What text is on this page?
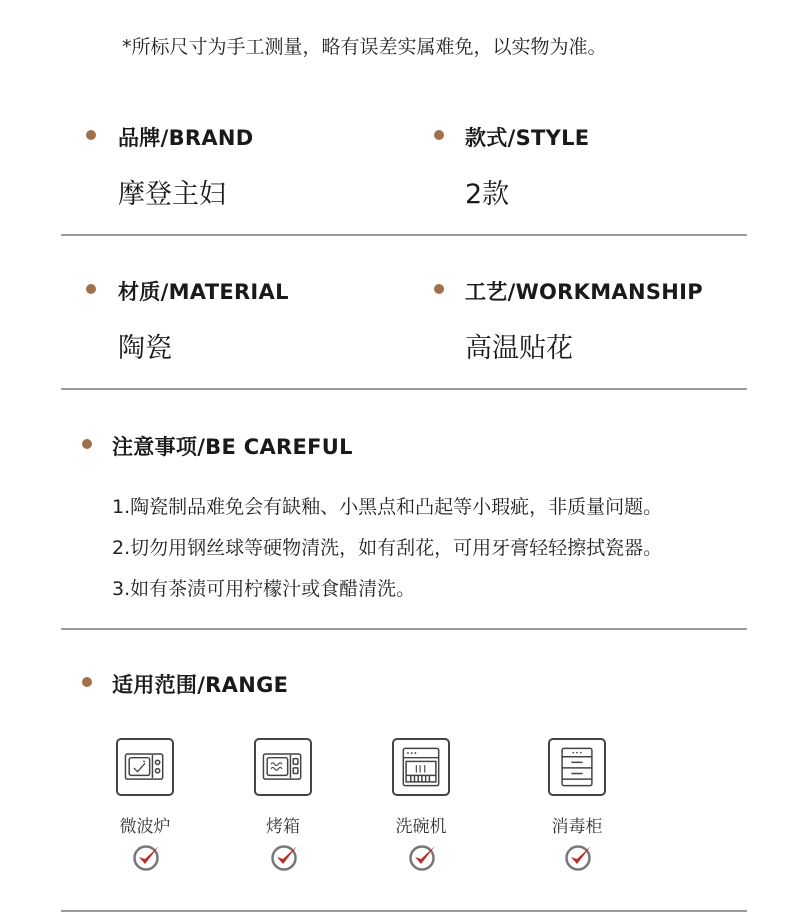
*所标尺寸为手工测量，略有误差实属难免，以实物为准。
品牌/BRAND
摩登主妇
款式/STYLE
2款
材质/MATERIAL
陶瓷
工艺/WORKMANSHIP
高温贴花
注意事项/BE CAREFUL
1.陶瓷制品难免会有缺釉、小黑点和凸起等小瑕疵，非质量问题。
2.切勿用钢丝球等硬物清洗，如有刮花，可用牙膏轻轻擦拭瓷器。
3.如有茶渍可用柠檬汁或食醋清洗。
适用范围/RANGE
微波炉	烤箱	洗碗机	消毒柜
